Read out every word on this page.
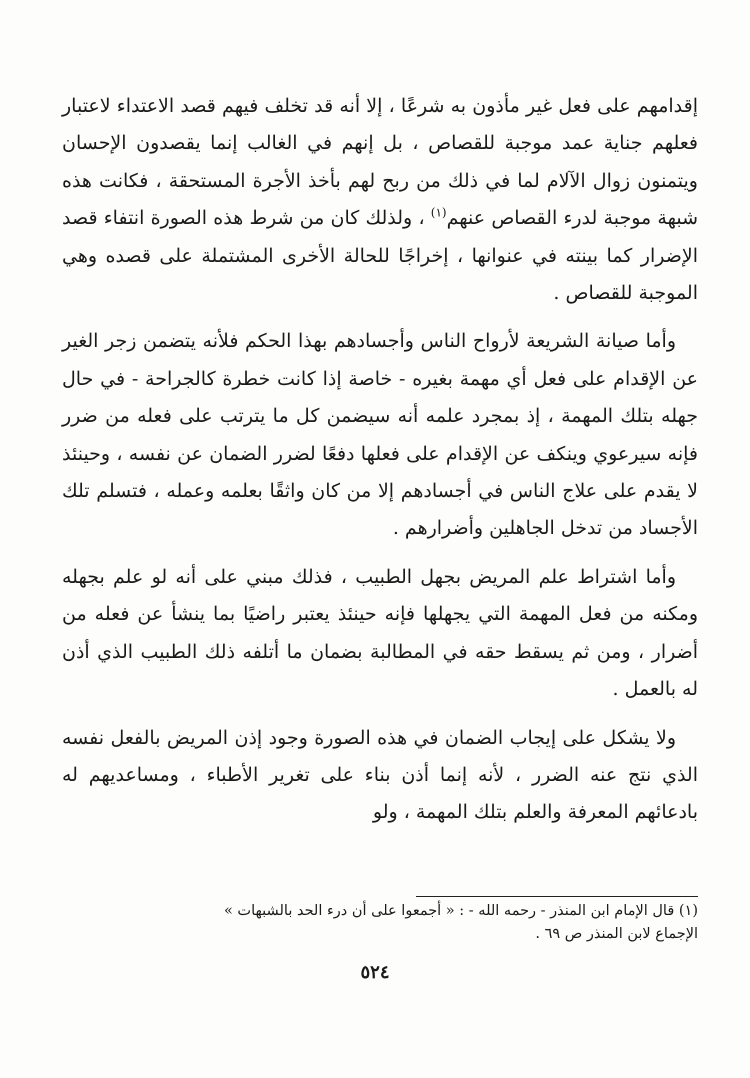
إقدامهم على فعل غير مأذون به شرعًا ، إلا أنه قد تخلف فيهم قصد الاعتداء لاعتبار فعلهم جناية عمد موجبة للقصاص ، بل إنهم في الغالب إنما يقصدون الإحسان ويتمنون زوال الآلام لما في ذلك من ربح لهم بأخذ الأجرة المستحقة ، فكانت هذه شبهة موجبة لدرء القصاص عنهم$^{(١)}$ ، ولذلك كان من شرط هذه الصورة انتفاء قصد الإضرار كما بينته في عنوانها ، إخراجًا للحالة الأخرى المشتملة على قصده وهي الموجبة للقصاص .

وأما صيانة الشريعة لأرواح الناس وأجسادهم بهذا الحكم فلأنه يتضمن زجر الغير عن الإقدام على فعل أي مهمة بغيره - خاصة إذا كانت خطرة كالجراحة - في حال جهله بتلك المهمة ، إذ بمجرد علمه أنه سيضمن كل ما يترتب على فعله من ضرر فإنه سيرعوي وينكف عن الإقدام على فعلها دفعًا لضرر الضمان عن نفسه ، وحينئذ لا يقدم على علاج الناس في أجسادهم إلا من كان واثقًا بعلمه وعمله ، فتسلم تلك الأجساد من تدخل الجاهلين وأضرارهم .

وأما اشتراط علم المريض بجهل الطبيب ، فذلك مبني على أنه لو علم بجهله ومكنه من فعل المهمة التي يجهلها فإنه حينئذ يعتبر راضيًا بما ينشأ عن فعله من أضرار ، ومن ثم يسقط حقه في المطالبة بضمان ما أتلفه ذلك الطبيب الذي أذن له بالعمل .

ولا يشكل على إيجاب الضمان في هذه الصورة وجود إذن المريض بالفعل نفسه الذي نتج عنه الضرر ، لأنه إنما أذن بناء على تغرير الأطباء ، ومساعديهم له بادعائهم المعرفة والعلم بتلك المهمة ، ولو

(١) قال الإمام ابن المنذر - رحمه الله - : « أجمعوا على أن درء الحد بالشبهات »

الإجماع لابن المنذر ص ٦٩ .

٥٢٤
